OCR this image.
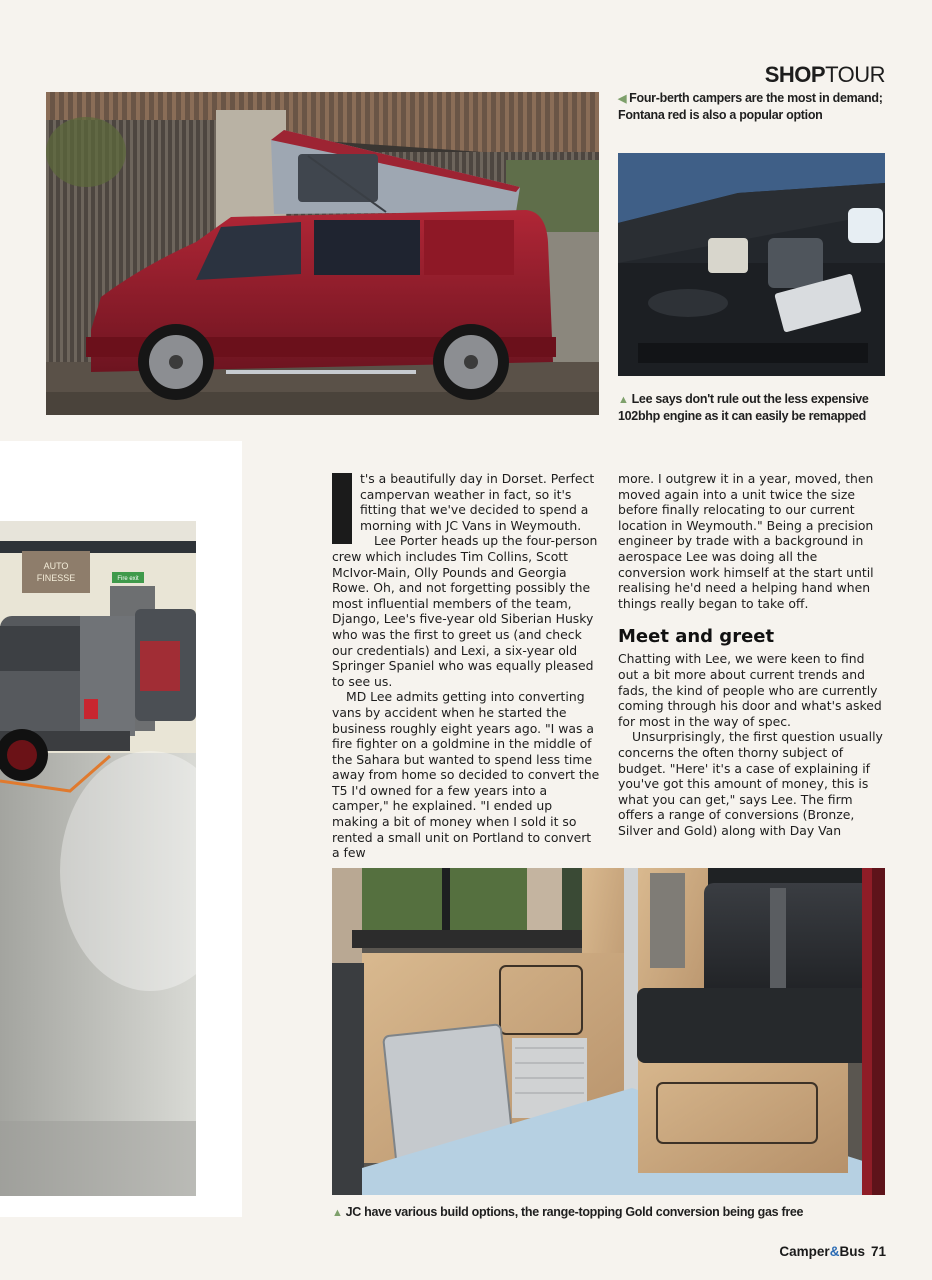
SHOPTOUR
◀ Four-berth campers are the most in demand; Fontana red is also a popular option
▲ Lee says don't rule out the less expensive 102bhp engine as it can easily be remapped
AUTO
FINESSE	Fire exit
t's a beautifully day in Dorset. Perfect
campervan weather in fact, so it's
fitting that we've decided to spend a
morning with JC Vans in Weymouth.

Lee Porter heads up the four-person crew which includes Tim Collins, Scott McIvor-Main, Olly Pounds and Georgia Rowe. Oh, and not forgetting possibly the most influential members of the team, Django, Lee's five-year old Siberian Husky who was the first to greet us (and check our credentials) and Lexi, a six-year old Springer Spaniel who was equally pleased to see us.

MD Lee admits getting into converting vans by accident when he started the business roughly eight years ago. "I was a fire fighter on a goldmine in the middle of the Sahara but wanted to spend less time away from home so decided to convert the T5 I'd owned for a few years into a camper," he explained. "I ended up making a bit of money when I sold it so rented a small unit on Portland to convert a few

more. I outgrew it in a year, moved, then moved again into a unit twice the size before finally relocating to our current location in Weymouth." Being a precision engineer by trade with a background in aerospace Lee was doing all the conversion work himself at the start until realising he'd need a helping hand when things really began to take off.

Meet and greet

Chatting with Lee, we were keen to find out a bit more about current trends and fads, the kind of people who are currently coming through his door and what's asked for most in the way of spec.

Unsurprisingly, the first question usually concerns the often thorny subject of budget. "Here' it's a case of explaining if you've got this amount of money, this is what you can get," says Lee. The firm offers a range of conversions (Bronze, Silver and Gold) along with Day Van

▲ JC have various build options, the range-topping Gold conversion being gas free
Camper&Bus 71
